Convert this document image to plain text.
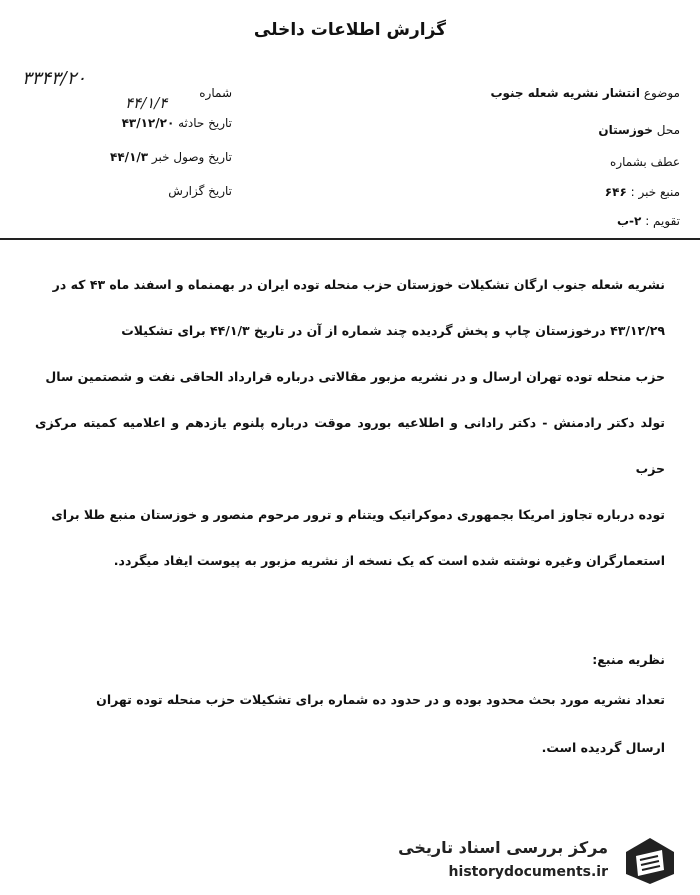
گزارش اطلاعات داخلی
شماره
تاریخ حادثه ۴۳/۱۲/۲۰
تاریخ وصول خبر ۴۴/۱/۳
تاریخ گزارش
۳۳۴۳/۲۰
۴۴/۱/۴
موضوع انتشار نشریه شعله جنوب
محل خوزستان
عطف بشماره
منبع خبر : ۶۴۶
تقویم : ۲-ب

نشریه شعله جنوب ارگان تشکیلات خوزستان حزب منحله توده ایران در بهمنماه و اسفند ماه ۴۳ که در

۴۳/۱۲/۲۹ درخوزستان چاپ و پخش گردیده چند شماره از آن در تاریخ ۴۴/۱/۳ برای تشکیلات

حزب منحله توده تهران ارسال و در نشریه مزبور مقالاتی درباره قرارداد الحاقی نفت و شصتمین سال

تولد دکتر رادمنش - دکتر رادانی و اطلاعیه بورود موقت درباره پلنوم یازدهم و اعلامیه کمیته مرکزی حزب

توده درباره تجاوز امریکا بجمهوری دموکراتیک ویتنام و ترور مرحوم منصور و خوزستان منبع طلا برای

استعمارگران وغیره نوشته شده است که یک نسخه از نشریه مزبور به پیوست ایفاد میگردد.

نظریه منبع:

تعداد نشریه مورد بحث محدود بوده و در حدود ده شماره برای تشکیلات حزب منحله توده تهران

ارسال گردیده است.

مرکز بررسی اسناد تاریخی
historydocuments.ir
